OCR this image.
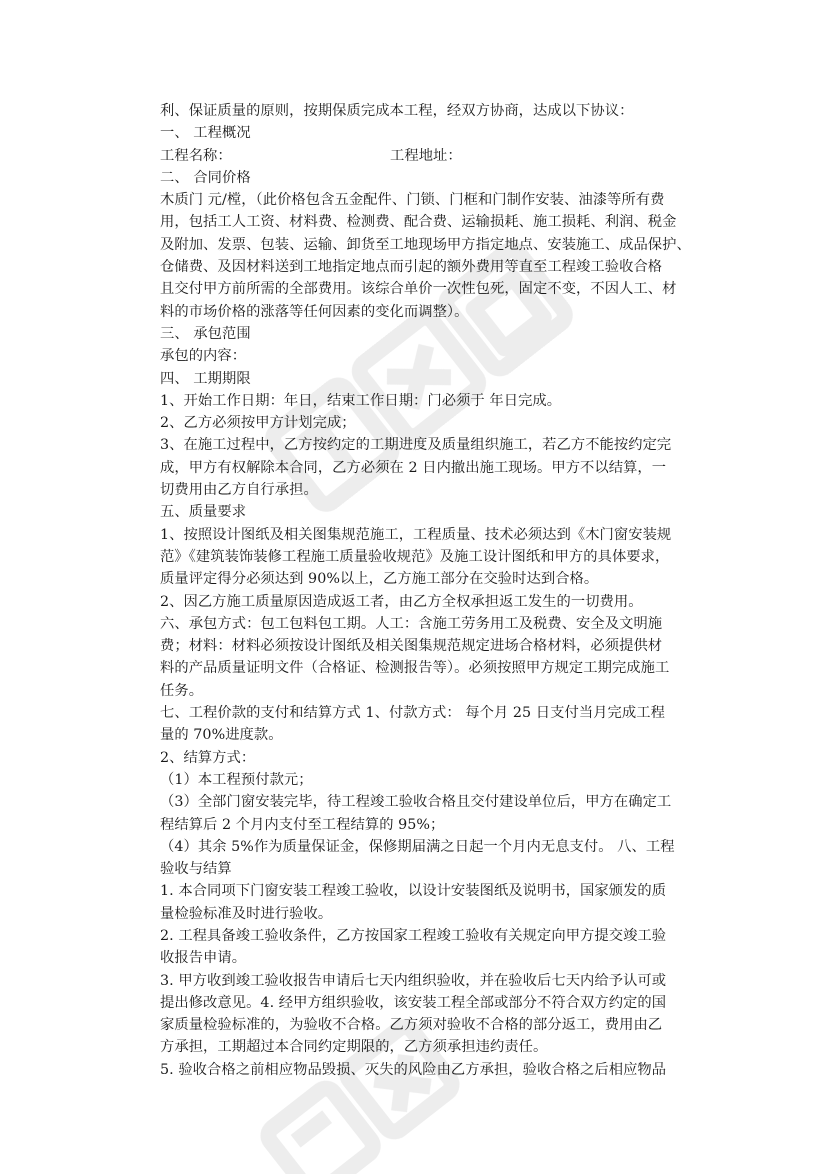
利、保证质量的原则，按期保质完成本工程，经双方协商，达成以下协议：
一、 工程概况
工程名称：	工程地址：
二、 合同价格
木质门 元/樘，（此价格包含五金配件、门锁、门框和门制作安装、油漆等所有费
用，包括工人工资、材料费、检测费、配合费、运输损耗、施工损耗、利润、税金
及附加、发票、包装、运输、卸货至工地现场甲方指定地点、安装施工、成品保护、
仓储费、及因材料送到工地指定地点而引起的额外费用等直至工程竣工验收合格
且交付甲方前所需的全部费用。该综合单价一次性包死，固定不变，不因人工、材
料的市场价格的涨落等任何因素的变化而调整）。
三、 承包范围
承包的内容：
四、 工期期限
1、开始工作日期：年日，结束工作日期：门必须于 年日完成。
2、乙方必须按甲方计划完成；
3、在施工过程中，乙方按约定的工期进度及质量组织施工，若乙方不能按约定完
成，甲方有权解除本合同，乙方必须在 2 日内撤出施工现场。甲方不以结算，一
切费用由乙方自行承担。
五、质量要求
1、按照设计图纸及相关图集规范施工，工程质量、技术必须达到《木门窗安装规
范》《建筑装饰装修工程施工质量验收规范》及施工设计图纸和甲方的具体要求，
质量评定得分必须达到 90%以上，乙方施工部分在交验时达到合格。
2、因乙方施工质量原因造成返工者，由乙方全权承担返工发生的一切费用。
六、承包方式：包工包料包工期。人工：含施工劳务用工及税费、安全及文明施
费；材料：材料必须按设计图纸及相关图集规范规定进场合格材料，必须提供材
料的产品质量证明文件（合格证、检测报告等）。必须按照甲方规定工期完成施工
任务。
七、工程价款的支付和结算方式 1、付款方式： 每个月 25 日支付当月完成工程
量的 70%进度款。
2、结算方式：
（1）本工程预付款元；
（3）全部门窗安装完毕，待工程竣工验收合格且交付建设单位后，甲方在确定工
程结算后 2 个月内支付至工程结算的 95%；
（4）其余 5%作为质量保证金，保修期届满之日起一个月内无息支付。 八、工程
验收与结算
1. 本合同项下门窗安装工程竣工验收，以设计安装图纸及说明书，国家颁发的质
量检验标准及时进行验收。
2. 工程具备竣工验收条件，乙方按国家工程竣工验收有关规定向甲方提交竣工验
收报告申请。
3. 甲方收到竣工验收报告申请后七天内组织验收，并在验收后七天内给予认可或
提出修改意见。4. 经甲方组织验收，该安装工程全部或部分不符合双方约定的国
家质量检验标准的，为验收不合格。乙方须对验收不合格的部分返工，费用由乙
方承担，工期超过本合同约定期限的，乙方须承担违约责任。
5. 验收合格之前相应物品毁损、灭失的风险由乙方承担，验收合格之后相应物品
